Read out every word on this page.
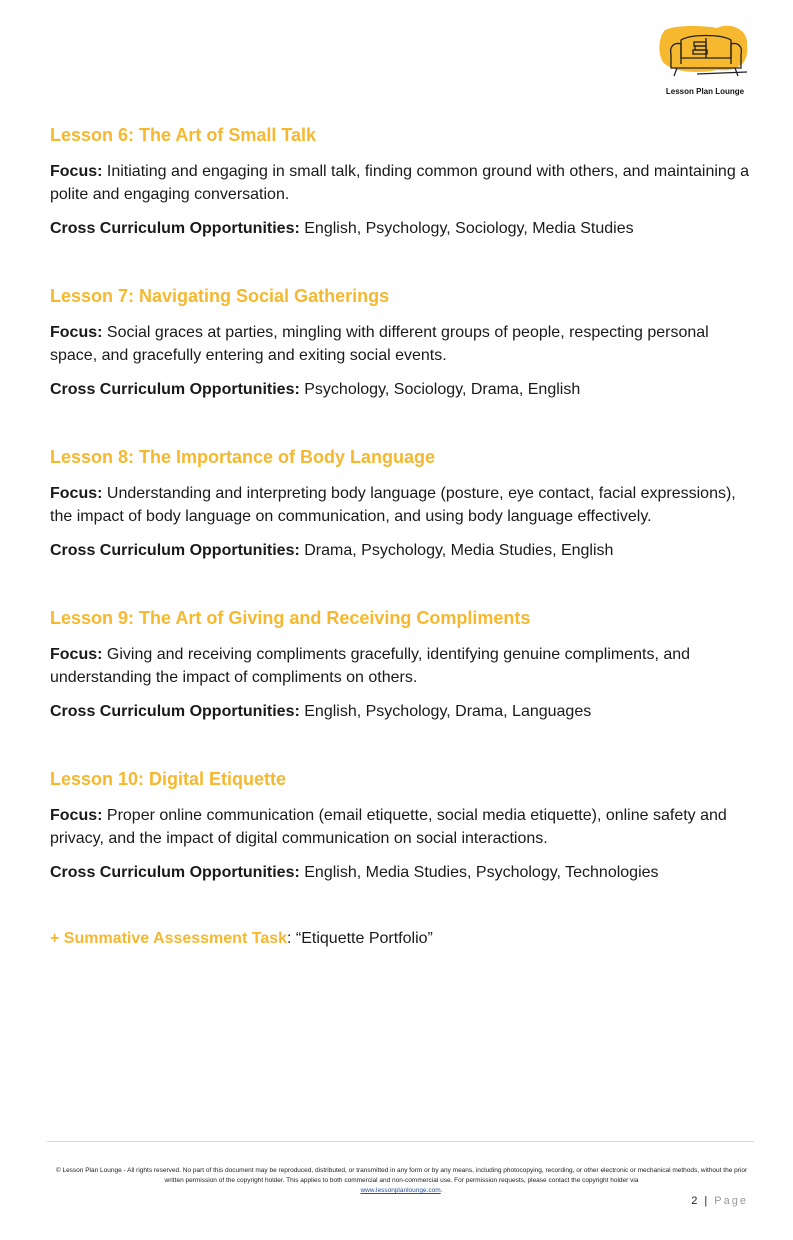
Lesson Plan Lounge
Lesson 6: The Art of Small Talk

Focus: Initiating and engaging in small talk, finding common ground with others, and maintaining a polite and engaging conversation.

Cross Curriculum Opportunities: English, Psychology, Sociology, Media Studies

Lesson 7: Navigating Social Gatherings

Focus: Social graces at parties, mingling with different groups of people, respecting personal space, and gracefully entering and exiting social events.

Cross Curriculum Opportunities: Psychology, Sociology, Drama, English

Lesson 8: The Importance of Body Language

Focus: Understanding and interpreting body language (posture, eye contact, facial expressions), the impact of body language on communication, and using body language effectively.

Cross Curriculum Opportunities: Drama, Psychology, Media Studies, English

Lesson 9: The Art of Giving and Receiving Compliments

Focus: Giving and receiving compliments gracefully, identifying genuine compliments, and understanding the impact of compliments on others.

Cross Curriculum Opportunities: English, Psychology, Drama, Languages

Lesson 10: Digital Etiquette

Focus: Proper online communication (email etiquette, social media etiquette), online safety and privacy, and the impact of digital communication on social interactions.

Cross Curriculum Opportunities: English, Media Studies, Psychology, Technologies

+ Summative Assessment Task: “Etiquette Portfolio”
© Lesson Plan Lounge - All rights reserved. No part of this document may be reproduced, distributed, or transmitted in any form or by any means, including photocopying, recording, or other electronic or mechanical methods, without the prior written permission of the copyright holder. This applies to both commercial and non-commercial use. For permission requests, please contact the copyright holder via
www.lessonplanlounge.com.
2 | Page
